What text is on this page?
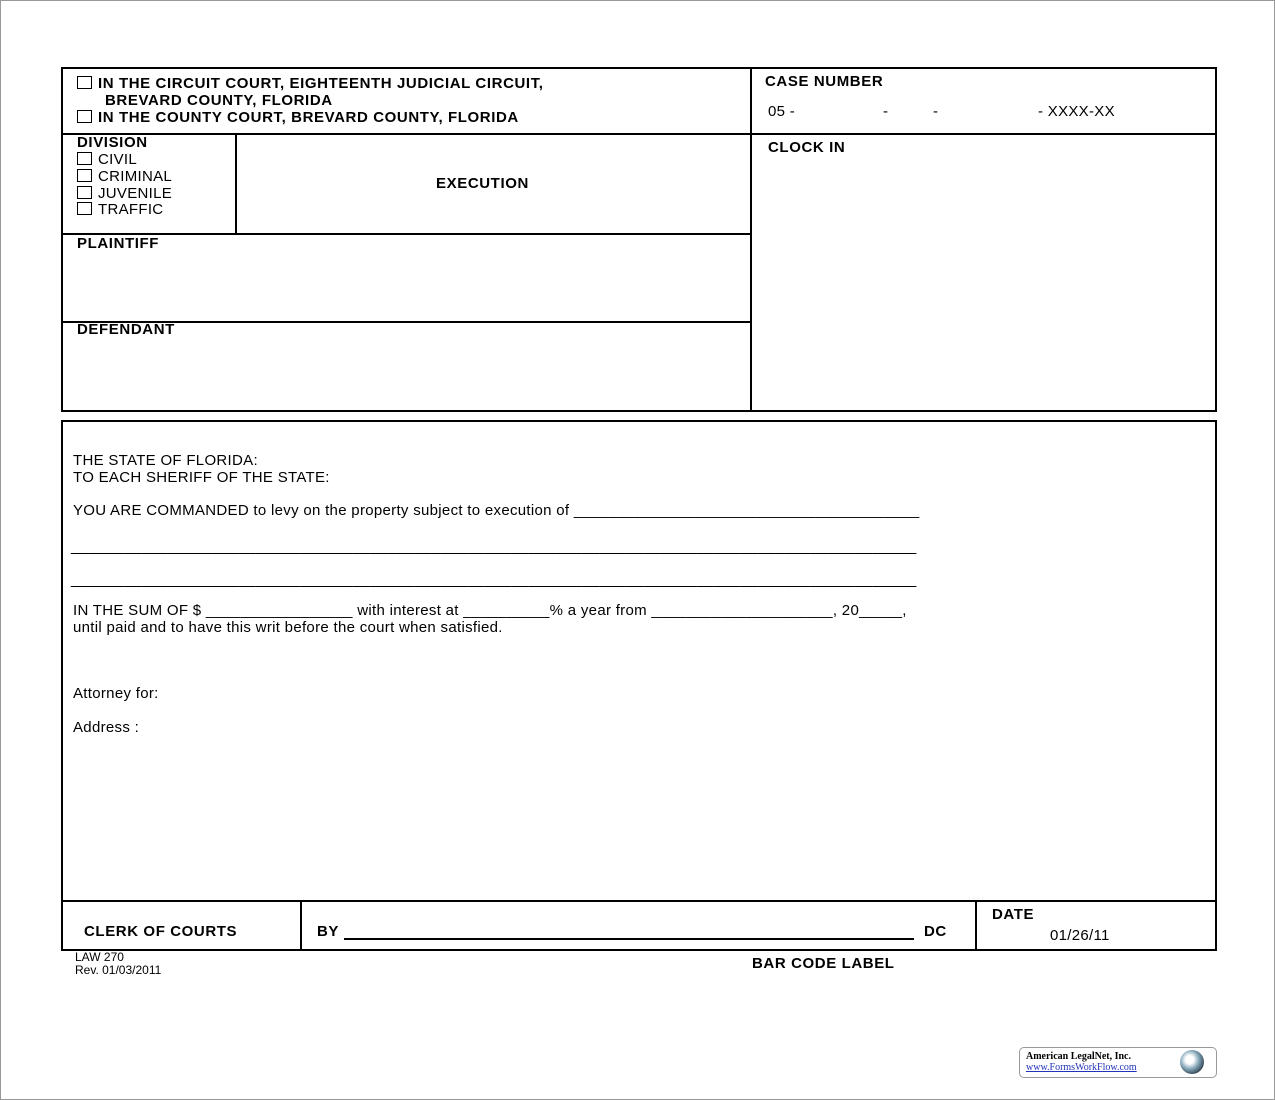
IN THE CIRCUIT COURT, EIGHTEENTH JUDICIAL CIRCUIT,
BREVARD COUNTY, FLORIDA
IN THE COUNTY COURT, BREVARD COUNTY, FLORIDA
CASE NUMBER
05 -	-	-	- XXXX-XX
DIVISION
CIVIL
CRIMINAL
JUVENILE
TRAFFIC
EXECUTION
CLOCK IN
PLAINTIFF
DEFENDANT
THE STATE OF FLORIDA:
TO EACH SHERIFF OF THE STATE:
YOU ARE COMMANDED to levy on the property subject to execution of ________________________________________
________________________________________________________________________________________________
________________________________________________________________________________________________
IN THE SUM OF $ _________________ with interest at __________% a year from _____________________, 20_____,
until paid and to have this writ before the court when satisfied.
Attorney for:
Address :
CLERK OF COURTS	BY	DC
DATE
01/26/11
LAW 270
Rev. 01/03/2011	BAR CODE LABEL
American LegalNet, Inc.
www.FormsWorkFlow.com
